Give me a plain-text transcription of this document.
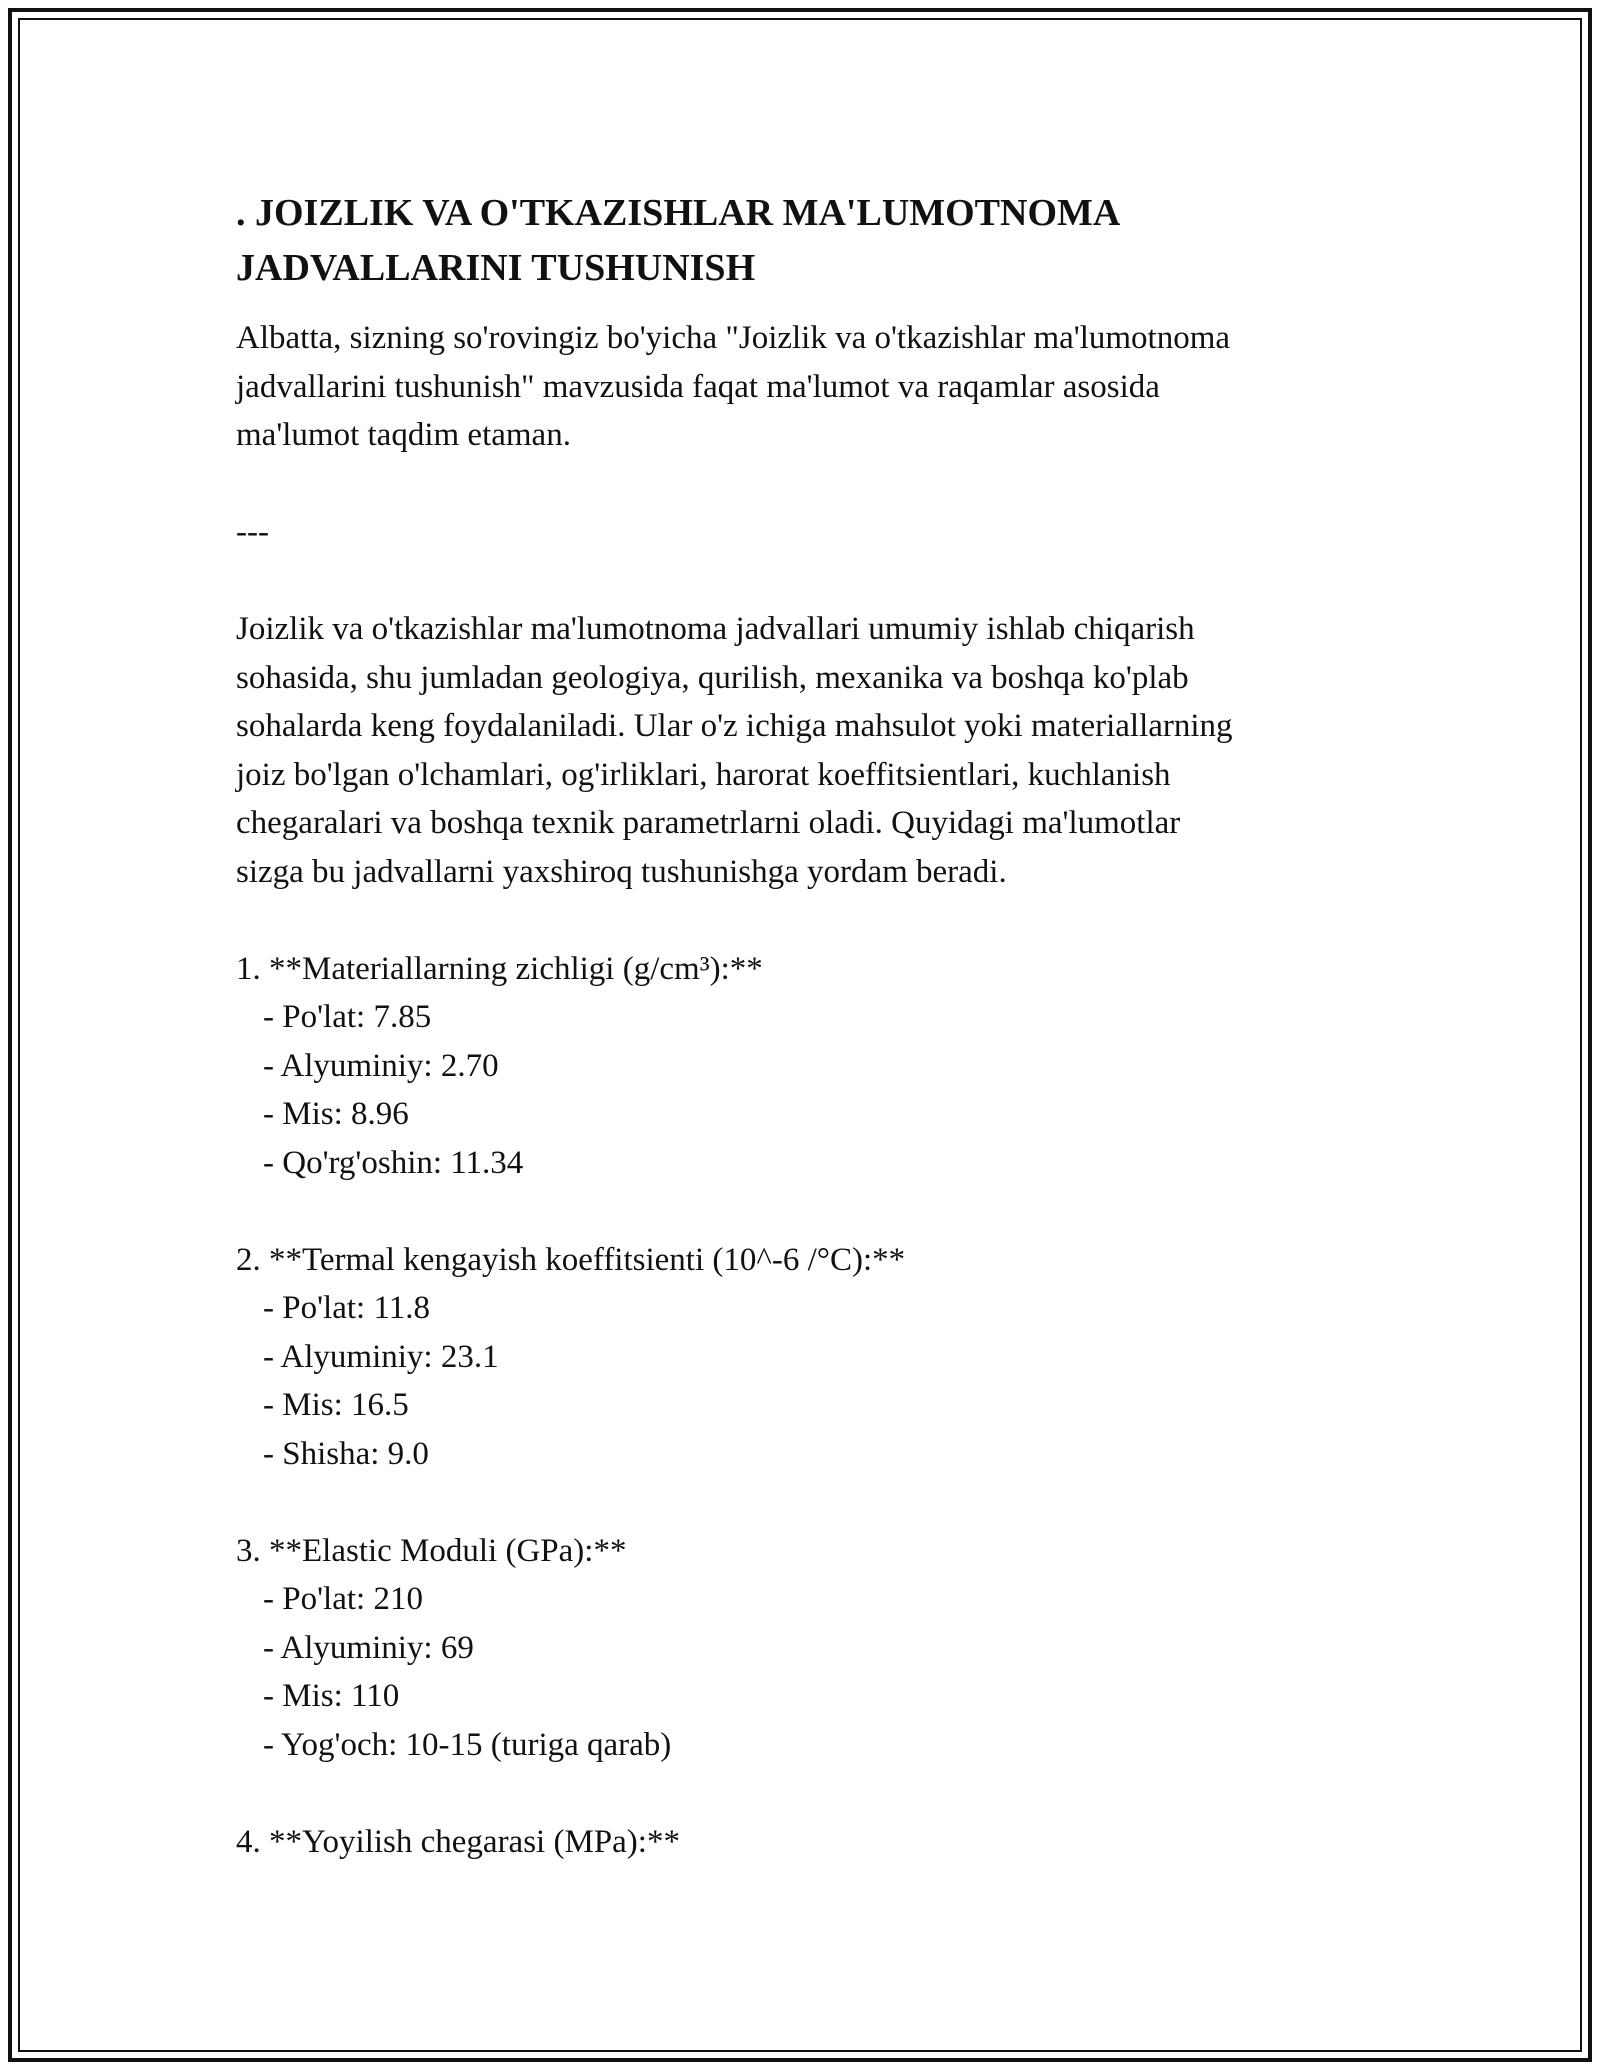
. JOIZLIK VA O'TKAZISHLAR MA'LUMOTNOMA
JADVALLARINI TUSHUNISH

Albatta, sizning so'rovingiz bo'yicha "Joizlik va o'tkazishlar ma'lumotnoma
jadvallarini tushunish" mavzusida faqat ma'lumot va raqamlar asosida
ma'lumot taqdim etaman.

---

Joizlik va o'tkazishlar ma'lumotnoma jadvallari umumiy ishlab chiqarish
sohasida, shu jumladan geologiya, qurilish, mexanika va boshqa ko'plab
sohalarda keng foydalaniladi. Ular o'z ichiga mahsulot yoki materiallarning
joiz bo'lgan o'lchamlari, og'irliklari, harorat koeffitsientlari, kuchlanish
chegaralari va boshqa texnik parametrlarni oladi. Quyidagi ma'lumotlar
sizga bu jadvallarni yaxshiroq tushunishga yordam beradi.

1. **Materiallarning zichligi (g/cm³):**

- Po'lat: 7.85

- Alyuminiy: 2.70

- Mis: 8.96

- Qo'rg'oshin: 11.34

2. **Termal kengayish koeffitsienti (10^-6 /°C):**

- Po'lat: 11.8

- Alyuminiy: 23.1

- Mis: 16.5

- Shisha: 9.0

3. **Elastic Moduli (GPa):**

- Po'lat: 210

- Alyuminiy: 69

- Mis: 110

- Yog'och: 10-15 (turiga qarab)

4. **Yoyilish chegarasi (MPa):**
